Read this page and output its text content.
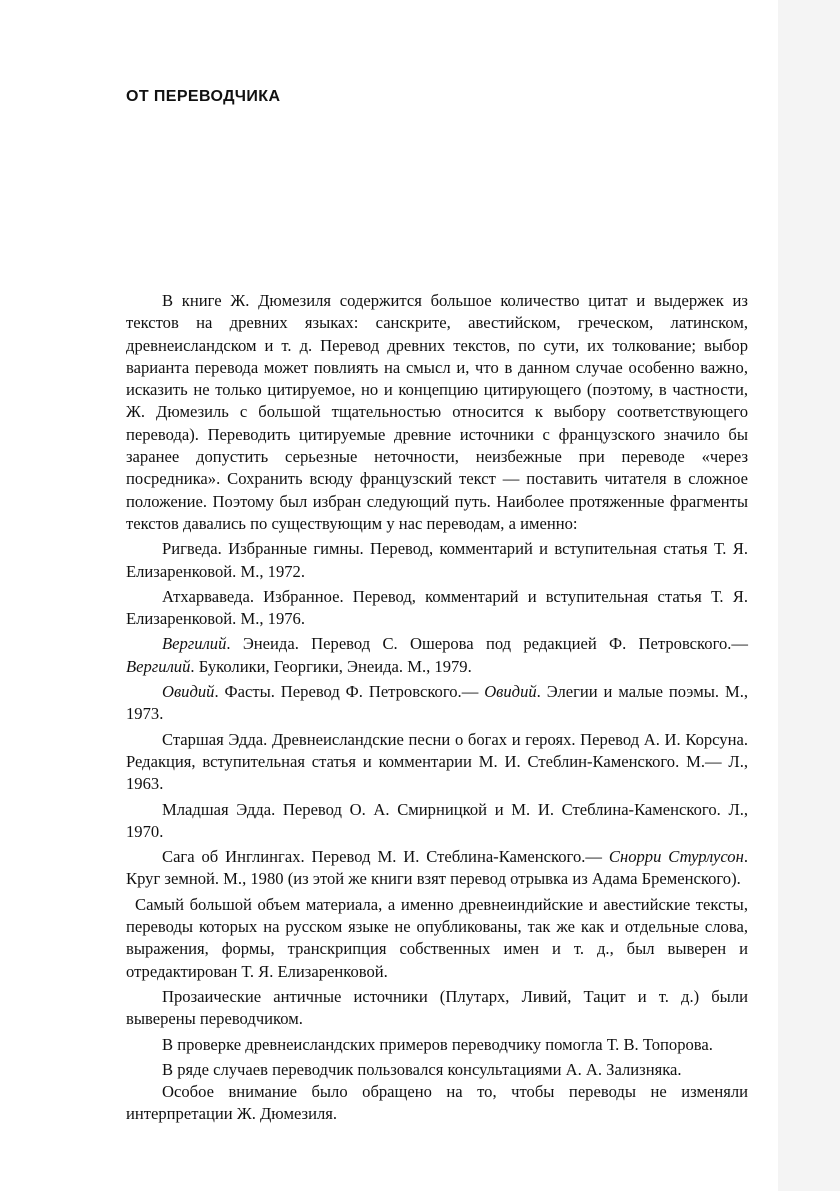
ОТ ПЕРЕВОДЧИКА

В книге Ж. Дюмезиля содержится большое количество цитат и выдержек из текстов на древних языках: санскрите, авестийском, греческом, латинском, древнеисландском и т. д. Перевод древних текстов, по сути, их толкование; выбор варианта перевода может повлиять на смысл и, что в данном случае особенно важно, исказить не только цитируемое, но и концепцию цитирующего (поэтому, в частности, Ж. Дюмезиль с большой тщательностью относится к выбору соответствующего перевода). Переводить цитируемые древние источники с французского значило бы заранее допустить серьезные неточности, неизбежные при переводе «через посредника». Сохранить всюду французский текст — поставить читателя в сложное положение. Поэтому был избран следующий путь. Наиболее протяженные фрагменты текстов давались по существующим у нас переводам, а именно:

Ригведа. Избранные гимны. Перевод, комментарий и вступительная статья Т. Я. Елизаренковой. М., 1972.

Атхарваведа. Избранное. Перевод, комментарий и вступительная статья Т. Я. Елизаренковой. М., 1976.

Вергилий. Энеида. Перевод С. Ошерова под редакцией Ф. Петровского.— Вергилий. Буколики, Георгики, Энеида. М., 1979.

Овидий. Фасты. Перевод Ф. Петровского.— Овидий. Элегии и малые поэмы. М., 1973.

Старшая Эдда. Древнеисландские песни о богах и героях. Перевод А. И. Корсуна. Редакция, вступительная статья и комментарии М. И. Стеблин-Каменского. М.— Л., 1963.

Младшая Эдда. Перевод О. А. Смирницкой и М. И. Стеблина-Каменского. Л., 1970.

Сага об Инглингах. Перевод М. И. Стеблина-Каменского.— Снорри Стурлусон. Круг земной. М., 1980 (из этой же книги взят перевод отрывка из Адама Бременского).

Самый большой объем материала, а именно древнеиндийские и авестийские тексты, переводы которых на русском языке не опубликованы, так же как и отдельные слова, выражения, формы, транскрипция собственных имен и т. д., был выверен и отредактирован Т. Я. Елизаренковой.

Прозаические античные источники (Плутарх, Ливий, Тацит и т. д.) были выверены переводчиком.

В проверке древнеисландских примеров переводчику помогла Т. В. Топорова.

В ряде случаев переводчик пользовался консультациями А. А. Зализняка.

Особое внимание было обращено на то, чтобы переводы не изменяли интерпретации Ж. Дюмезиля.
